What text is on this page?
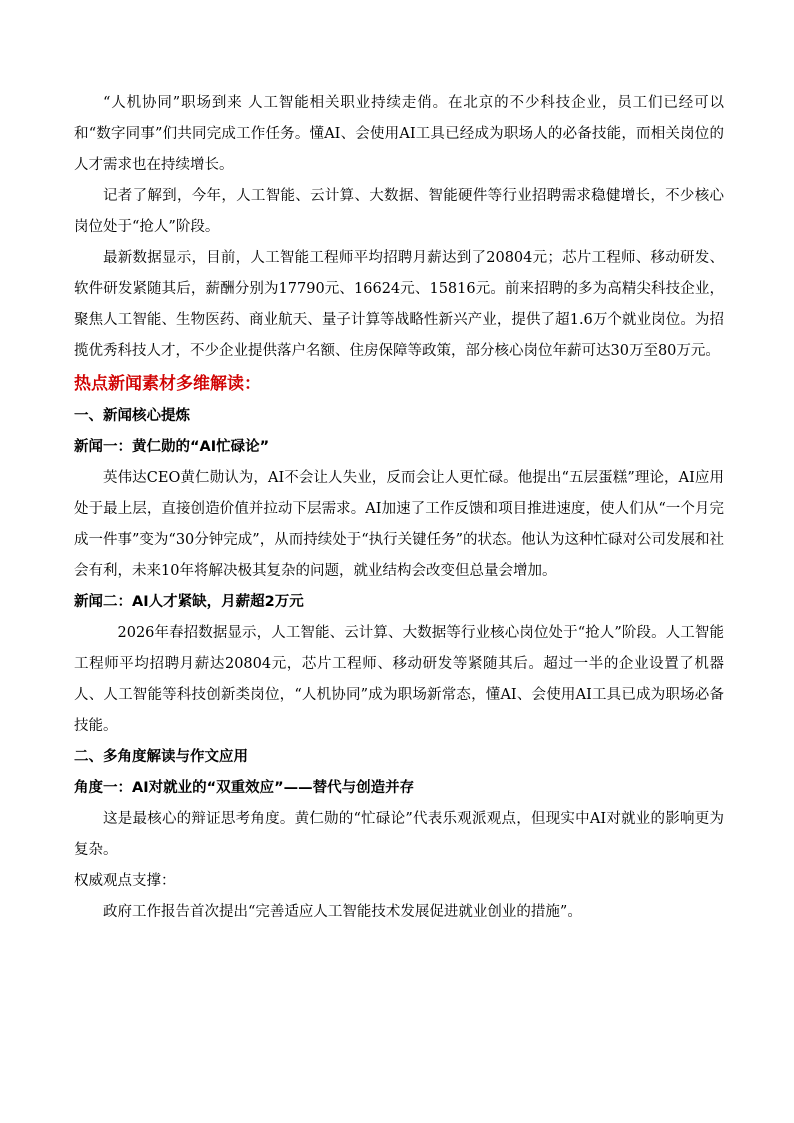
“人机协同”职场到来 人工智能相关职业持续走俏。在北京的不少科技企业，员工们已经可以和“数字同事”们共同完成工作任务。懂AI、会使用AI工具已经成为职场人的必备技能，而相关岗位的人才需求也在持续增长。

记者了解到，今年，人工智能、云计算、大数据、智能硬件等行业招聘需求稳健增长，不少核心岗位处于“抢人”阶段。

最新数据显示，目前，人工智能工程师平均招聘月薪达到了20804元；芯片工程师、移动研发、软件研发紧随其后，薪酬分别为17790元、16624元、15816元。前来招聘的多为高精尖科技企业，聚焦人工智能、生物医药、商业航天、量子计算等战略性新兴产业，提供了超1.6万个就业岗位。为招揽优秀科技人才，不少企业提供落户名额、住房保障等政策，部分核心岗位年薪可达30万至80万元。

热点新闻素材多维解读：

一、新闻核心提炼

新闻一：黄仁勋的“AI忙碌论”

英伟达CEO黄仁勋认为，AI不会让人失业，反而会让人更忙碌。他提出“五层蛋糕”理论，AI应用处于最上层，直接创造价值并拉动下层需求。AI加速了工作反馈和项目推进速度，使人们从“一个月完成一件事”变为“30分钟完成”，从而持续处于“执行关键任务”的状态。他认为这种忙碌对公司发展和社会有利，未来10年将解决极其复杂的问题，就业结构会改变但总量会增加。

新闻二：AI人才紧缺，月薪超2万元

2026年春招数据显示，人工智能、云计算、大数据等行业核心岗位处于“抢人”阶段。人工智能工程师平均招聘月薪达20804元，芯片工程师、移动研发等紧随其后。超过一半的企业设置了机器人、人工智能等科技创新类岗位，“人机协同”成为职场新常态，懂AI、会使用AI工具已成为职场必备技能。

二、多角度解读与作文应用

角度一：AI对就业的“双重效应”——替代与创造并存

这是最核心的辩证思考角度。黄仁勋的“忙碌论”代表乐观派观点，但现实中AI对就业的影响更为复杂。

权威观点支撑：

政府工作报告首次提出“完善适应人工智能技术发展促进就业创业的措施”。
